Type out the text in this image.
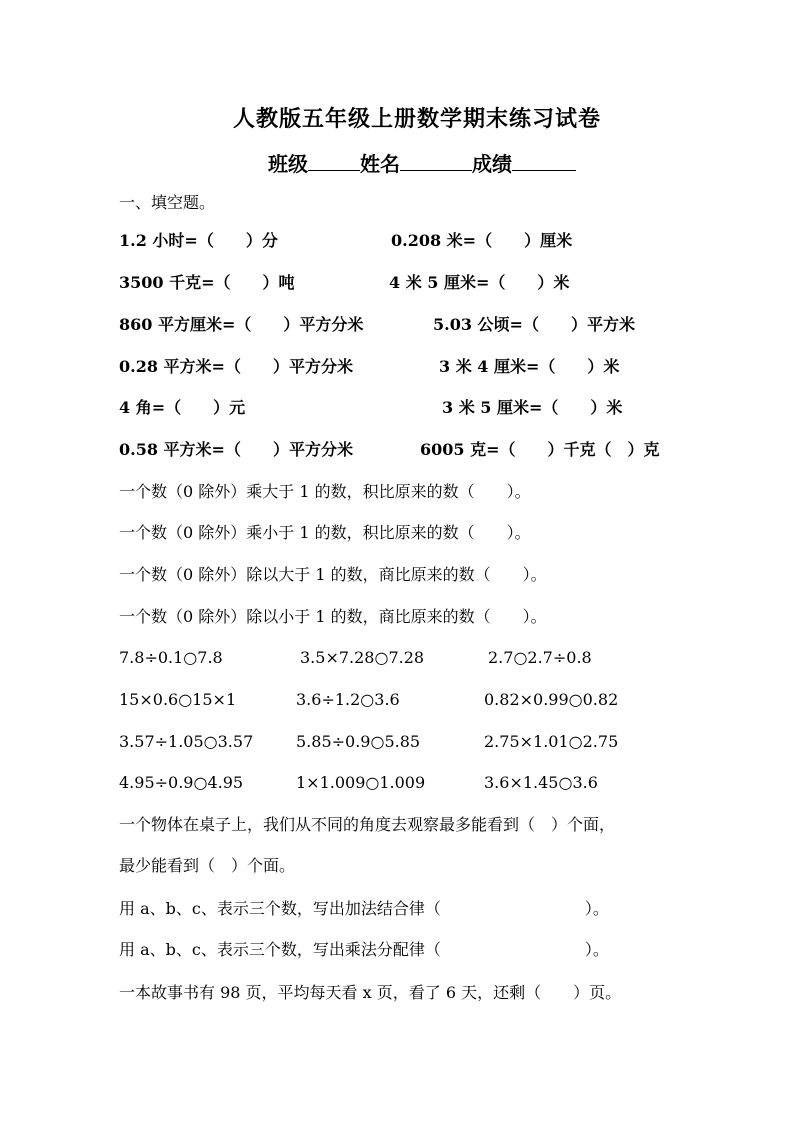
人教版五年级上册数学期末练习试卷
班级	姓名	成绩
一、填空题。
1.2 小时=（　　）分	0.208 米=（　　）厘米
3500 千克=（　　）吨	4 米 5 厘米=（　　）米
860 平方厘米=（　　）平方分米	5.03 公顷=（　　）平方米
0.28 平方米=（　　）平方分米	3 米 4 厘米=（　　）米
4 角=（　　）元	3 米 5 厘米=（　　）米
0.58 平方米=（　　）平方分米	6005 克=（　　）千克（　）克
一个数（0 除外）乘大于 1 的数，积比原来的数（　　）。
一个数（0 除外）乘小于 1 的数，积比原来的数（　　）。
一个数（0 除外）除以大于 1 的数，商比原来的数（　　）。
一个数（0 除外）除以小于 1 的数，商比原来的数（　　）。
7.8÷0.1○7.8	3.5×7.28○7.28	2.7○2.7÷0.8
15×0.6○15×1	3.6÷1.2○3.6	0.82×0.99○0.82
3.57÷1.05○3.57	5.85÷0.9○5.85	2.75×1.01○2.75
4.95÷0.9○4.95	1×1.009○1.009	3.6×1.45○3.6
一个物体在桌子上，我们从不同的角度去观察最多能看到（　）个面，
最少能看到（　）个面。
用 a、b、c、表示三个数，写出加法结合律（　　　　　　　　　）。
用 a、b、c、表示三个数，写出乘法分配律（　　　　　　　　　）。
一本故事书有 98 页，平均每天看 x 页，看了 6 天，还剩（　　）页。
